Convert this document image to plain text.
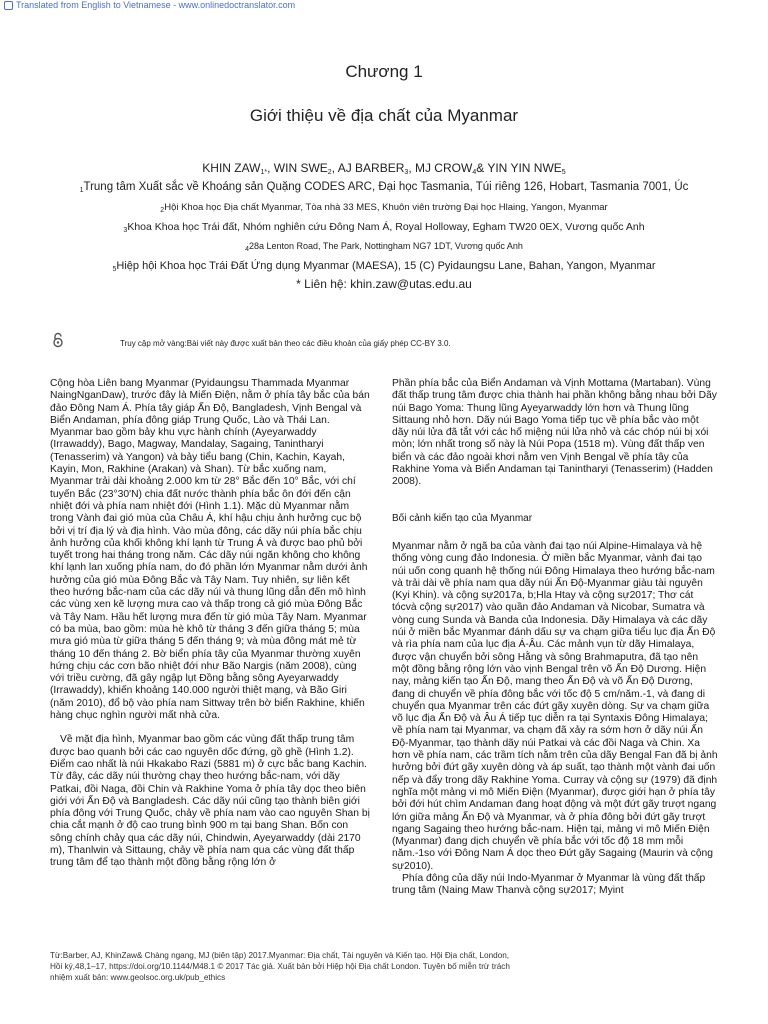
Translated from English to Vietnamese - www.onlinedoctranslator.com
Chương 1
Giới thiệu về địa chất của Myanmar
KHIN $ZAW^{1*}$, WIN SWE$^2$, AJ BARBER$^3$, MJ CROW$^4$& YIN YIN NWE$^5$
$^1$Trung tâm Xuất sắc về Khoáng sản Quặng CODES ARC, Đại học Tasmania, Túi riêng 126, Hobart, Tasmania 7001, Úc
$^2$Hội Khoa học Địa chất Myanmar, Tòa nhà 33 MES, Khuôn viên trường Đại học Hlaing, Yangon, Myanmar
$^3$Khoa Khoa học Trái đất, Nhóm nghiên cứu Đông Nam Á, Royal Holloway, Egham TW20 0EX, Vương quốc Anh
$^4$28a Lenton Road, The Park, Nottingham NG7 1DT, Vương quốc Anh
$^5$Hiệp hội Khoa học Trái Đất Ứng dụng Myanmar (MAESA), 15 (C) Pyidaungsu Lane, Bahan, Yangon, Myanmar
* Liên hệ: khin.zaw@utas.edu.au
Truy cập mở vàng:Bài viết này được xuất bản theo các điều khoản của giấy phép CC-BY 3.0.

Cộng hòa Liên bang Myanmar (Pyidaungsu Thammada Myanmar NaingNganDaw), trước đây là Miến Điện, nằm ở phía tây bắc của bán đảo Đông Nam Á. Phía tây giáp Ấn Độ, Bangladesh, Vịnh Bengal và Biển Andaman, phía đông giáp Trung Quốc, Lào và Thái Lan. Myanmar bao gồm bảy khu vực hành chính (Ayeyarwaddy (Irrawaddy), Bago, Magway, Mandalay, Sagaing, Tanintharyi (Tenasserim) và Yangon) và bảy tiểu bang (Chin, Kachin, Kayah, Kayin, Mon, Rakhine (Arakan) và Shan). Từ bắc xuống nam, Myanmar trải dài khoảng 2.000 km từ 28° Bắc đến 10° Bắc, với chí tuyến Bắc (23°30'N) chia đất nước thành phía bắc ôn đới đến cận nhiệt đới và phía nam nhiệt đới (Hình 1.1). Mặc dù Myanmar nằm trong Vành đai gió mùa của Châu Á, khí hậu chịu ảnh hưởng cục bộ bởi vị trí địa lý và địa hình. Vào mùa đông, các dãy núi phía bắc chịu ảnh hưởng của khối không khí lạnh từ Trung Á và được bao phủ bởi tuyết trong hai tháng trong năm. Các dãy núi ngăn không cho không khí lạnh lan xuống phía nam, do đó phần lớn Myanmar nằm dưới ảnh hưởng của gió mùa Đông Bắc và Tây Nam. Tuy nhiên, sự liên kết theo hướng bắc-nam của các dãy núi và thung lũng dẫn đến mô hình các vùng xen kẽ lượng mưa cao và thấp trong cả gió mùa Đông Bắc và Tây Nam. Hầu hết lượng mưa đến từ gió mùa Tây Nam. Myanmar có ba mùa, bao gồm: mùa hè khô từ tháng 3 đến giữa tháng 5; mùa mưa gió mùa từ giữa tháng 5 đến tháng 9; và mùa đông mát mẻ từ tháng 10 đến tháng 2. Bờ biển phía tây của Myanmar thường xuyên hứng chịu các cơn bão nhiệt đới như Bão Nargis (năm 2008), cùng với triều cường, đã gây ngập lụt Đồng bằng sông Ayeyarwaddy (Irrawaddy), khiến khoảng 140.000 người thiệt mạng, và Bão Giri (năm 2010), đổ bộ vào phía nam Sittway trên bờ biển Rakhine, khiến hàng chục nghìn người mất nhà cửa.

Về mặt địa hình, Myanmar bao gồm các vùng đất thấp trung tâm được bao quanh bởi các cao nguyên dốc đứng, gồ ghề (Hình 1.2). Điểm cao nhất là núi Hkakabo Razi (5881 m) ở cực bắc bang Kachin. Từ đây, các dãy núi thường chạy theo hướng bắc-nam, với dãy Patkai, đồi Naga, đồi Chin và Rakhine Yoma ở phía tây dọc theo biên giới với Ấn Độ và Bangladesh. Các dãy núi cũng tạo thành biên giới phía đông với Trung Quốc, chảy về phía nam vào cao nguyên Shan bị chia cắt mạnh ở độ cao trung bình 900 m tại bang Shan. Bốn con sông chính chảy qua các dãy núi, Chindwin, Ayeyarwaddy (dài 2170 m), Thanlwin và Sittaung, chảy về phía nam qua các vùng đất thấp trung tâm để tạo thành một đồng bằng rộng lớn ở

Phần phía bắc của Biển Andaman và Vịnh Mottama (Martaban). Vùng đất thấp trung tâm được chia thành hai phần không bằng nhau bởi Dãy núi Bago Yoma: Thung lũng Ayeyarwaddy lớn hơn và Thung lũng Sittaung nhỏ hơn. Dãy núi Bago Yoma tiếp tục về phía bắc vào một dãy núi lửa đã tắt với các hố miệng núi lửa nhỏ và các chóp núi bị xói mòn; lớn nhất trong số này là Núi Popa (1518 m). Vùng đất thấp ven biển và các đảo ngoài khơi nằm ven Vịnh Bengal về phía tây của Rakhine Yoma và Biển Andaman tại Tanintharyi (Tenasserim) (Hadden 2008).

Bối cảnh kiến tạo của Myanmar

Myanmar nằm ở ngã ba của vành đai tạo núi Alpine-Himalaya và hệ thống vòng cung đảo Indonesia. Ở miền bắc Myanmar, vành đai tạo núi uốn cong quanh hệ thống núi Đông Himalaya theo hướng bắc-nam và trải dài về phía nam qua dãy núi Ấn Độ-Myanmar giàu tài nguyên (Kyi Khin). và cộng sự2017a, b;Hla Htay và cộng sự2017; Thơ cát tócvà cộng sự2017) vào quần đảo Andaman và Nicobar, Sumatra và vòng cung Sunda và Banda của Indonesia. Dãy Himalaya và các dãy núi ở miền bắc Myanmar đánh dấu sự va chạm giữa tiểu lục địa Ấn Độ và rìa phía nam của lục địa Á-Âu. Các mảnh vụn từ dãy Himalaya, được vận chuyển bởi sông Hằng và sông Brahmaputra, đã tạo nên một đồng bằng rộng lớn vào vịnh Bengal trên võ Ấn Độ Dương. Hiện nay, mảng kiến tạo Ấn Độ, mang theo Ấn Độ và võ Ấn Độ Dương, đang di chuyển về phía đông bắc với tốc độ 5 cm/năm.-1, và đang di chuyển qua Myanmar trên các đứt gãy xuyên dòng. Sự va chạm giữa võ lục địa Ấn Độ và Âu Á tiếp tục diễn ra tại Syntaxis Đông Himalaya; về phía nam tại Myanmar, va chạm đã xảy ra sớm hơn ở dãy núi Ấn Độ-Myanmar, tạo thành dãy núi Patkai và các đồi Naga và Chin. Xa hơn về phía nam, các trầm tích nằm trên của dãy Bengal Fan đã bị ảnh hưởng bởi đứt gãy xuyên dòng và áp suất, tạo thành một vành đai uốn nếp và đẩy trong dãy Rakhine Yoma. Curray và cộng sự (1979) đã định nghĩa một mảng vi mô Miến Điện (Myanmar), được giới hạn ở phía tây bởi đới hút chìm Andaman đang hoạt động và một đứt gãy trượt ngang lớn giữa mảng Ấn Độ và Myanmar, và ở phía đông bởi đứt gãy trượt ngang Sagaing theo hướng bắc-nam. Hiện tại, mảng vi mô Miến Điện (Myanmar) đang dịch chuyển về phía bắc với tốc độ 18 mm mỗi năm.-1so với Đông Nam Á dọc theo Đứt gãy Sagaing (Maurin và cộng sự2010).

Phía đông của dãy núi Indo-Myanmar ở Myanmar là vùng đất thấp trung tâm (Naing Maw Thanvà cộng sự2017; Myint

Từ:Barber, AJ, KhinZaw& Chàng ngang, MJ (biên tập) 2017.Myanmar: Địa chất, Tài nguyên và Kiến tạo. Hội Địa chất, London, Hồi ký,48,1–17, https://doi.org/10.1144/M48.1 © 2017 Tác giả. Xuất bản bởi Hiệp hội Địa chất London. Tuyên bố miễn trừ trách nhiệm xuất bản: www.geolsoc.org.uk/pub_ethics
